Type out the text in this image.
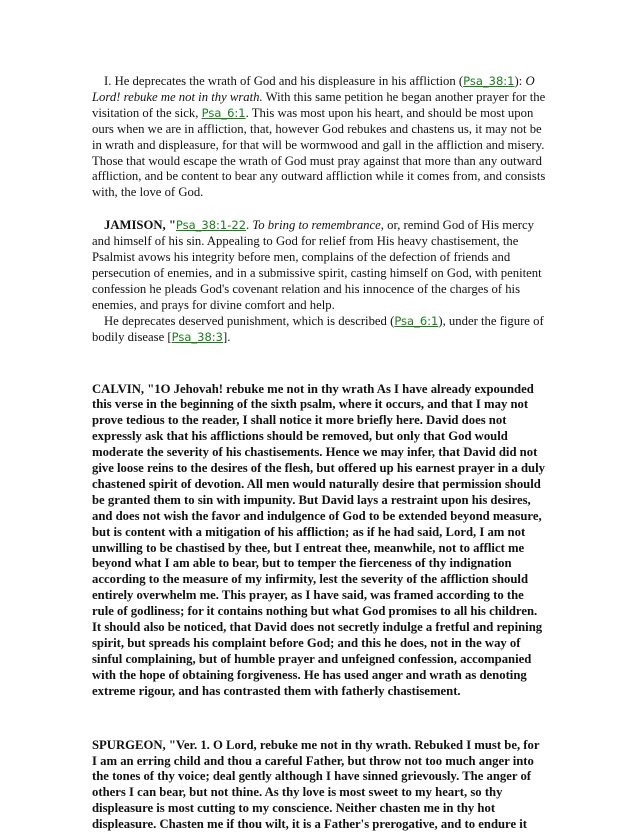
I. He deprecates the wrath of God and his displeasure in his affliction (Psa_38:1): O Lord! rebuke me not in thy wrath. With this same petition he began another prayer for the visitation of the sick, Psa_6:1. This was most upon his heart, and should be most upon ours when we are in affliction, that, however God rebukes and chastens us, it may not be in wrath and displeasure, for that will be wormwood and gall in the affliction and misery. Those that would escape the wrath of God must pray against that more than any outward affliction, and be content to bear any outward affliction while it comes from, and consists with, the love of God.

JAMISON, "Psa_38:1-22. To bring to remembrance, or, remind God of His mercy and himself of his sin. Appealing to God for relief from His heavy chastisement, the Psalmist avows his integrity before men, complains of the defection of friends and persecution of enemies, and in a submissive spirit, casting himself on God, with penitent confession he pleads God's covenant relation and his innocence of the charges of his enemies, and prays for divine comfort and help.

He deprecates deserved punishment, which is described (Psa_6:1), under the figure of bodily disease [Psa_38:3].

CALVIN, "1O Jehovah! rebuke me not in thy wrath As I have already expounded this verse in the beginning of the sixth psalm, where it occurs, and that I may not prove tedious to the reader, I shall notice it more briefly here. David does not expressly ask that his afflictions should be removed, but only that God would moderate the severity of his chastisements. Hence we may infer, that David did not give loose reins to the desires of the flesh, but offered up his earnest prayer in a duly chastened spirit of devotion. All men would naturally desire that permission should be granted them to sin with impunity. But David lays a restraint upon his desires, and does not wish the favor and indulgence of God to be extended beyond measure, but is content with a mitigation of his affliction; as if he had said, Lord, I am not unwilling to be chastised by thee, but I entreat thee, meanwhile, not to afflict me beyond what I am able to bear, but to temper the fierceness of thy indignation according to the measure of my infirmity, lest the severity of the affliction should entirely overwhelm me. This prayer, as I have said, was framed according to the rule of godliness; for it contains nothing but what God promises to all his children. It should also be noticed, that David does not secretly indulge a fretful and repining spirit, but spreads his complaint before God; and this he does, not in the way of sinful complaining, but of humble prayer and unfeigned confession, accompanied with the hope of obtaining forgiveness. He has used anger and wrath as denoting extreme rigour, and has contrasted them with fatherly chastisement.

SPURGEON, "Ver. 1. O Lord, rebuke me not in thy wrath. Rebuked I must be, for I am an erring child and thou a careful Father, but throw not too much anger into the tones of thy voice; deal gently although I have sinned grievously. The anger of others I can bear, but not thine. As thy love is most sweet to my heart, so thy displeasure is most cutting to my conscience. Neither chasten me in thy hot displeasure. Chasten me if thou wilt, it is a Father's prerogative, and to endure it
